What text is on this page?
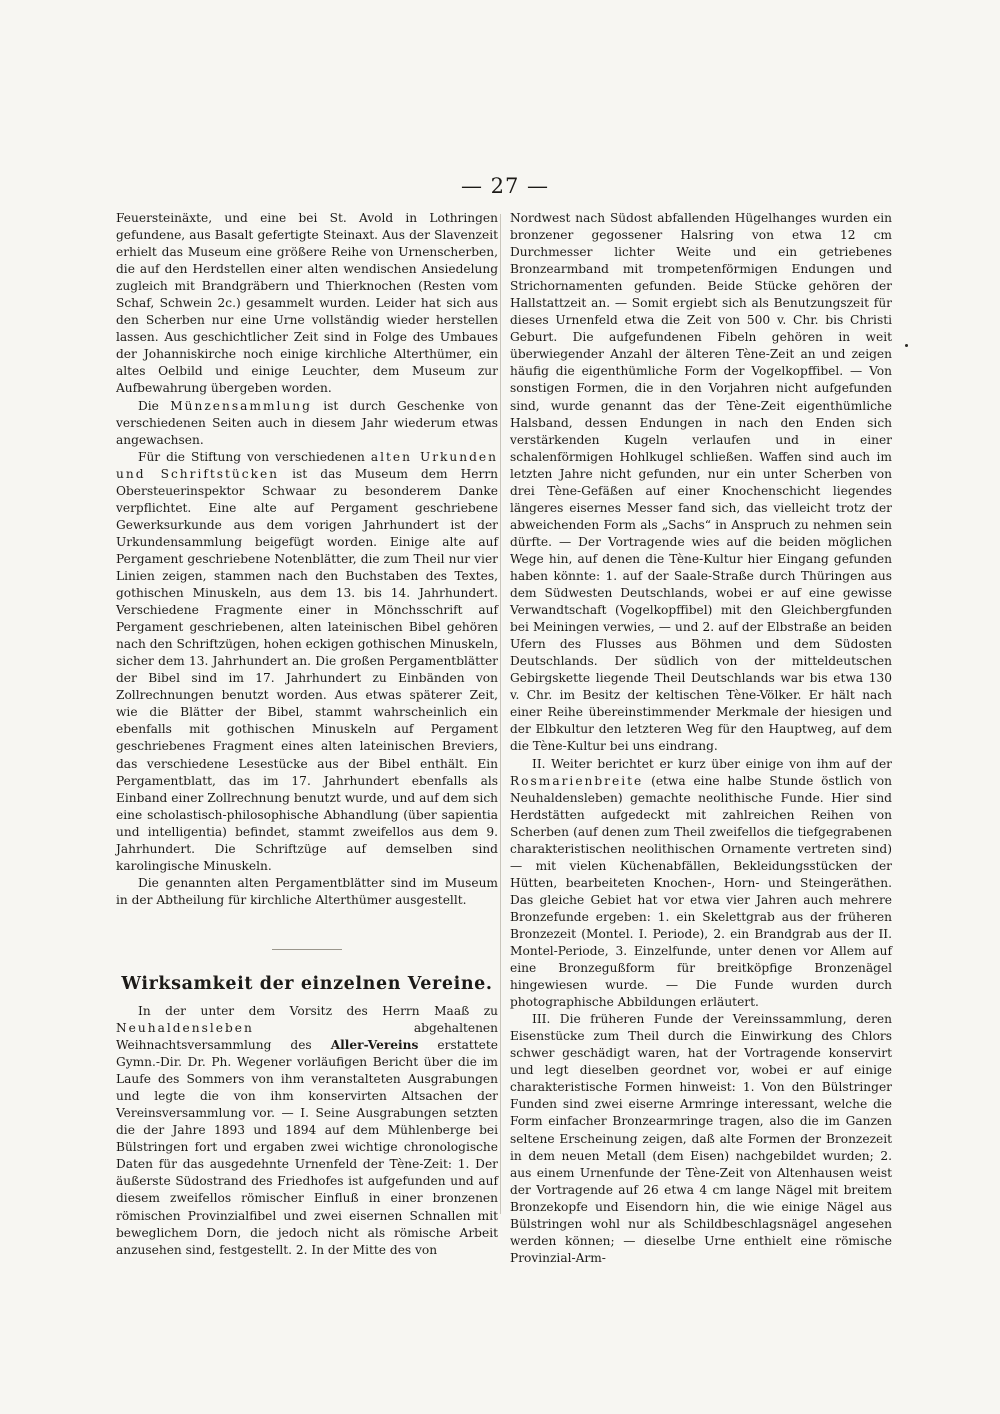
— 27 —

Feuersteinäxte, und eine bei St. Avold in Lothringen gefundene, aus Basalt gefertigte Steinaxt. Aus der Slavenzeit erhielt das Museum eine größere Reihe von Urnenscherben, die auf den Herdstellen einer alten wendischen Ansiedelung zugleich mit Brandgräbern und Thierknochen (Resten vom Schaf, Schwein 2c.) gesammelt wurden. Leider hat sich aus den Scherben nur eine Urne vollständig wieder herstellen lassen. Aus geschichtlicher Zeit sind in Folge des Umbaues der Johanniskirche noch einige kirchliche Alterthümer, ein altes Oelbild und einige Leuchter, dem Museum zur Aufbewahrung übergeben worden.

Die Münzensammlung ist durch Geschenke von verschiedenen Seiten auch in diesem Jahr wiederum etwas angewachsen.

Für die Stiftung von verschiedenen alten Urkunden und Schriftstücken ist das Museum dem Herrn Obersteuerinspektor Schwaar zu besonderem Danke verpflichtet. Eine alte auf Pergament geschriebene Gewerksurkunde aus dem vorigen Jahrhundert ist der Urkundensammlung beigefügt worden. Einige alte auf Pergament geschriebene Notenblätter, die zum Theil nur vier Linien zeigen, stammen nach den Buchstaben des Textes, gothischen Minuskeln, aus dem 13. bis 14. Jahrhundert. Verschiedene Fragmente einer in Mönchsschrift auf Pergament geschriebenen, alten lateinischen Bibel gehören nach den Schriftzügen, hohen eckigen gothischen Minuskeln, sicher dem 13. Jahrhundert an. Die großen Pergamentblätter der Bibel sind im 17. Jahrhundert zu Einbänden von Zollrechnungen benutzt worden. Aus etwas späterer Zeit, wie die Blätter der Bibel, stammt wahrscheinlich ein ebenfalls mit gothischen Minuskeln auf Pergament geschriebenes Fragment eines alten lateinischen Breviers, das verschiedene Lesestücke aus der Bibel enthält. Ein Pergamentblatt, das im 17. Jahrhundert ebenfalls als Einband einer Zollrechnung benutzt wurde, und auf dem sich eine scholastisch-philosophische Abhandlung (über sapientia und intelligentia) befindet, stammt zweifellos aus dem 9. Jahrhundert. Die Schriftzüge auf demselben sind karolingische Minuskeln.

Die genannten alten Pergamentblätter sind im Museum in der Abtheilung für kirchliche Alterthümer ausgestellt.

Wirksamkeit der einzelnen Vereine.

In der unter dem Vorsitz des Herrn Maaß zu Neuhaldensleben abgehaltenen Weihnachtsversammlung des Aller-Vereins erstattete Gymn.-Dir. Dr. Ph. Wegener vorläufigen Bericht über die im Laufe des Sommers von ihm veranstalteten Ausgrabungen und legte die von ihm konservirten Altsachen der Vereinsversammlung vor. — I. Seine Ausgrabungen setzten die der Jahre 1893 und 1894 auf dem Mühlenberge bei Bülstringen fort und ergaben zwei wichtige chronologische Daten für das ausgedehnte Urnenfeld der Tène-Zeit: 1. Der äußerste Südostrand des Friedhofes ist aufgefunden und auf diesem zweifellos römischer Einfluß in einer bronzenen römischen Provinzialfibel und zwei eisernen Schnallen mit beweglichem Dorn, die jedoch nicht als römische Arbeit anzusehen sind, festgestellt. 2. In der Mitte des von

Nordwest nach Südost abfallenden Hügelhanges wurden ein bronzener gegossener Halsring von etwa 12 cm Durchmesser lichter Weite und ein getriebenes Bronzearmband mit trompetenförmigen Endungen und Strichornamenten gefunden. Beide Stücke gehören der Hallstattzeit an. — Somit ergiebt sich als Benutzungszeit für dieses Urnenfeld etwa die Zeit von 500 v. Chr. bis Christi Geburt. Die aufgefundenen Fibeln gehören in weit überwiegender Anzahl der älteren Tène-Zeit an und zeigen häufig die eigenthümliche Form der Vogelkopffibel. — Von sonstigen Formen, die in den Vorjahren nicht aufgefunden sind, wurde genannt das der Tène-Zeit eigenthümliche Halsband, dessen Endungen in nach den Enden sich verstärkenden Kugeln verlaufen und in einer schalenförmigen Hohlkugel schließen. Waffen sind auch im letzten Jahre nicht gefunden, nur ein unter Scherben von drei Tène-Gefäßen auf einer Knochenschicht liegendes längeres eisernes Messer fand sich, das vielleicht trotz der abweichenden Form als „Sachs“ in Anspruch zu nehmen sein dürfte. — Der Vortragende wies auf die beiden möglichen Wege hin, auf denen die Tène-Kultur hier Eingang gefunden haben könnte: 1. auf der Saale-Straße durch Thüringen aus dem Südwesten Deutschlands, wobei er auf eine gewisse Verwandtschaft (Vogelkopffibel) mit den Gleichbergfunden bei Meiningen verwies, — und 2. auf der Elbstraße an beiden Ufern des Flusses aus Böhmen und dem Südosten Deutschlands. Der südlich von der mitteldeutschen Gebirgskette liegende Theil Deutschlands war bis etwa 130 v. Chr. im Besitz der keltischen Tène-Völker. Er hält nach einer Reihe übereinstimmender Merkmale der hiesigen und der Elbkultur den letzteren Weg für den Hauptweg, auf dem die Tène-Kultur bei uns eindrang.

II. Weiter berichtet er kurz über einige von ihm auf der Rosmarienbreite (etwa eine halbe Stunde östlich von Neuhaldensleben) gemachte neolithische Funde. Hier sind Herdstätten aufgedeckt mit zahlreichen Reihen von Scherben (auf denen zum Theil zweifellos die tiefgegrabenen charakteristischen neolithischen Ornamente vertreten sind) — mit vielen Küchenabfällen, Bekleidungsstücken der Hütten, bearbeiteten Knochen-, Horn- und Steingeräthen. Das gleiche Gebiet hat vor etwa vier Jahren auch mehrere Bronzefunde ergeben: 1. ein Skelettgrab aus der früheren Bronzezeit (Montel. I. Periode), 2. ein Brandgrab aus der II. Montel-Periode, 3. Einzelfunde, unter denen vor Allem auf eine Bronzegußform für breitköpfige Bronzenägel hingewiesen wurde. — Die Funde wurden durch photographische Abbildungen erläutert.

III. Die früheren Funde der Vereinssammlung, deren Eisenstücke zum Theil durch die Einwirkung des Chlors schwer geschädigt waren, hat der Vortragende konservirt und legt dieselben geordnet vor, wobei er auf einige charakteristische Formen hinweist: 1. Von den Bülstringer Funden sind zwei eiserne Armringe interessant, welche die Form einfacher Bronzearmringe tragen, also die im Ganzen seltene Erscheinung zeigen, daß alte Formen der Bronzezeit in dem neuen Metall (dem Eisen) nachgebildet wurden; 2. aus einem Urnenfunde der Tène-Zeit von Altenhausen weist der Vortragende auf 26 etwa 4 cm lange Nägel mit breitem Bronzekopfe und Eisendorn hin, die wie einige Nägel aus Bülstringen wohl nur als Schildbeschlagsnägel angesehen werden können; — dieselbe Urne enthielt eine römische Provinzial-Arm-
